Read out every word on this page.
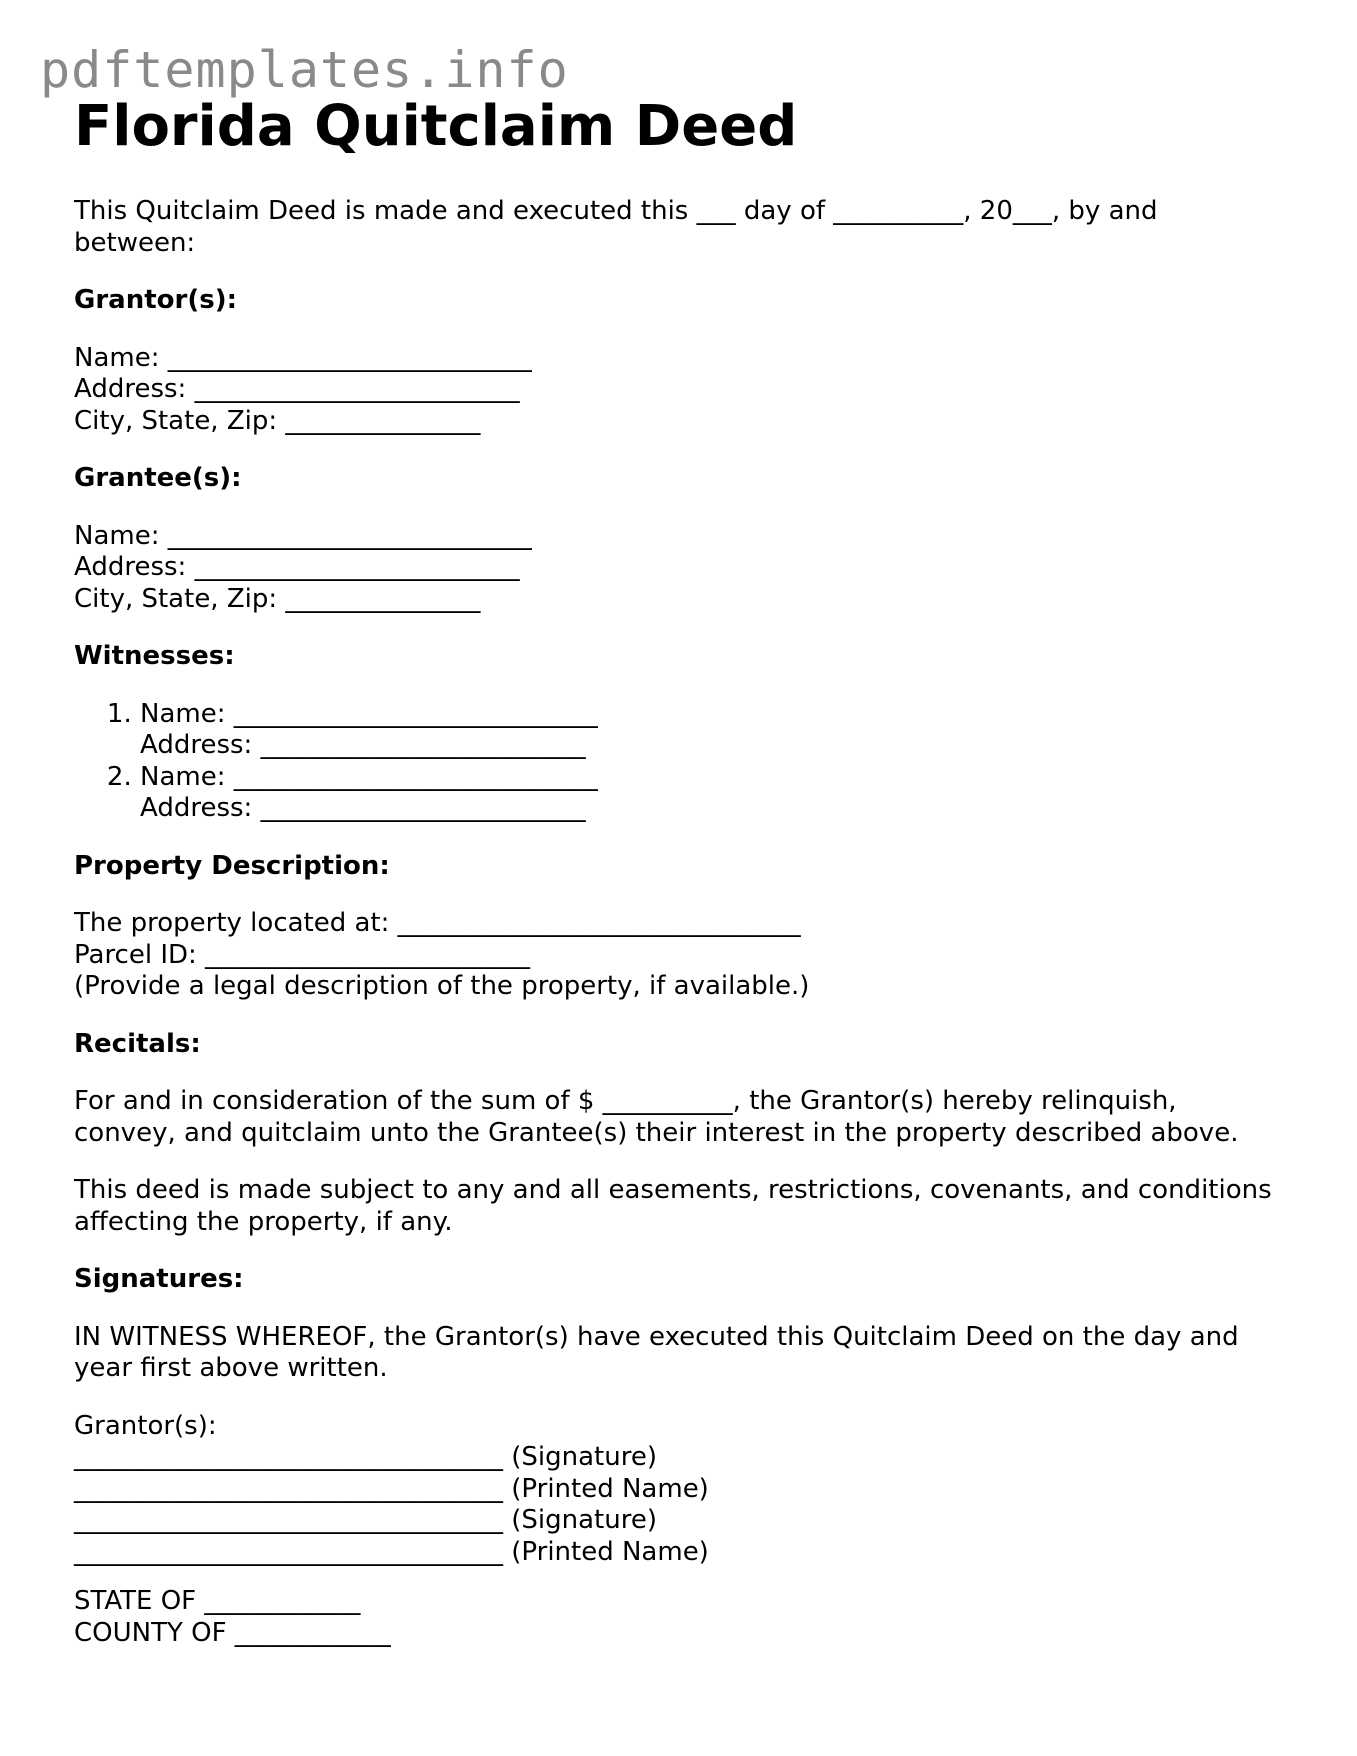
pdftemplates.info
Florida Quitclaim Deed

This Quitclaim Deed is made and executed this ___ day of __________, 20___, by and between:

Grantor(s):

Name: ____________________________
Address: _________________________
City, State, Zip: _______________

Grantee(s):

Name: ____________________________
Address: _________________________
City, State, Zip: _______________

Witnesses:

1. Name: ____________________________
Address: _________________________
2. Name: ____________________________
Address: _________________________

Property Description:

The property located at: _______________________________
Parcel ID: _________________________
(Provide a legal description of the property, if available.)

Recitals:

For and in consideration of the sum of $ __________, the Grantor(s) hereby relinquish, convey, and quitclaim unto the Grantee(s) their interest in the property described above.

This deed is made subject to any and all easements, restrictions, covenants, and conditions affecting the property, if any.

Signatures:

IN WITNESS WHEREOF, the Grantor(s) have executed this Quitclaim Deed on the day and year first above written.

Grantor(s):
_________________________________ (Signature)
_________________________________ (Printed Name)
_________________________________ (Signature)
_________________________________ (Printed Name)
STATE OF ____________
COUNTY OF ____________
